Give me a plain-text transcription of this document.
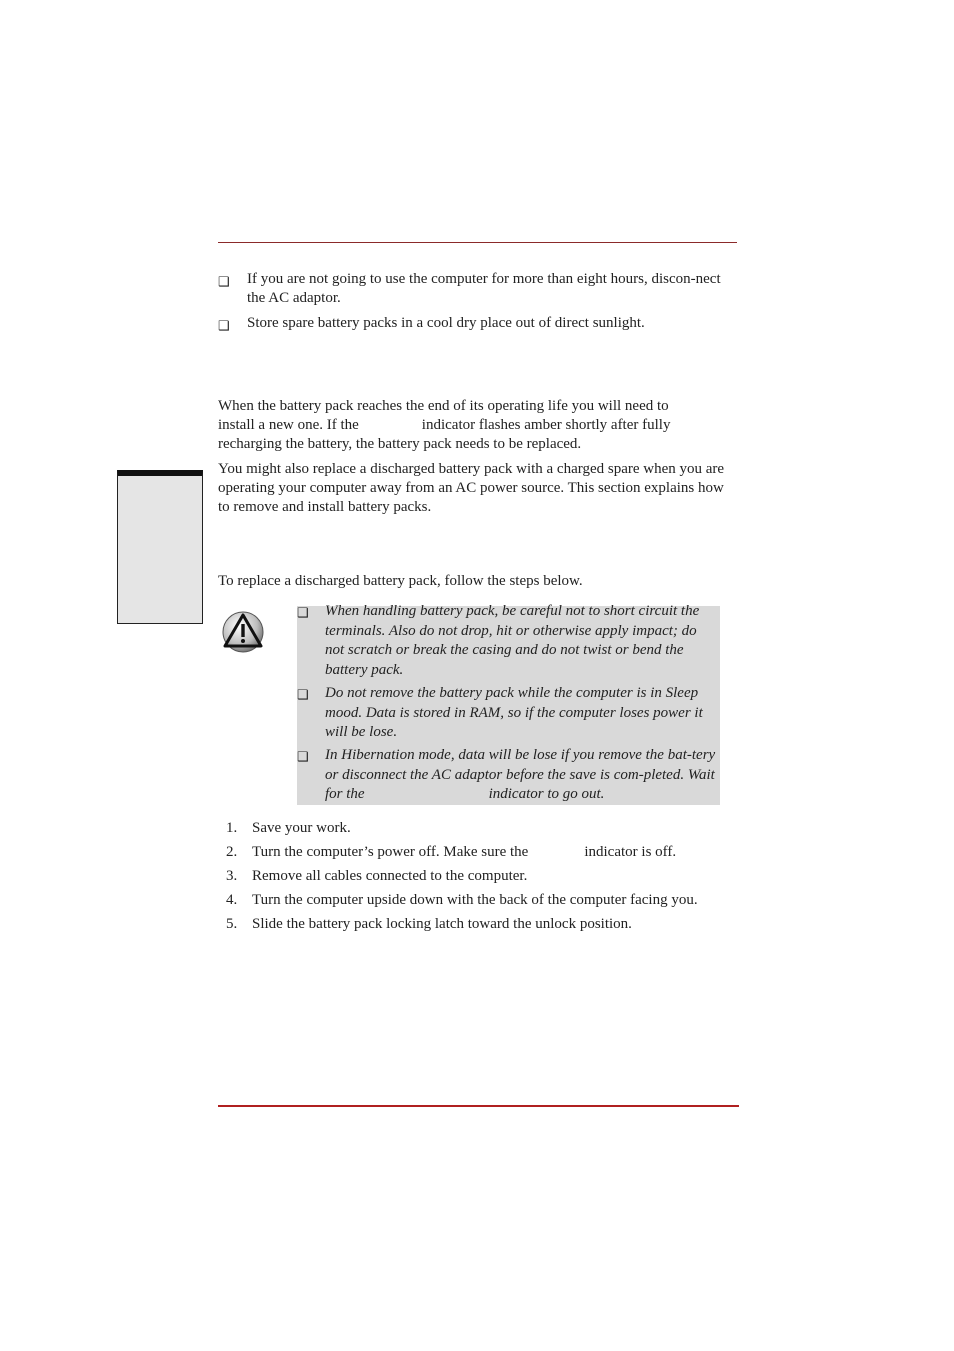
❑ If you are not going to use the computer for more than eight hours, discon-nect the AC adaptor.
❑ Store spare battery packs in a cool dry place out of direct sunlight.
When the battery pack reaches the end of its operating life you will need to
install a new one. If the	indicator flashes amber shortly after fully
recharging the battery, the battery pack needs to be replaced.
You might also replace a discharged battery pack with a charged spare when you are operating your computer away from an AC power source. This section explains how to remove and install battery packs.
To replace a discharged battery pack, follow the steps below.
❑ When handling battery pack, be careful not to short circuit the terminals. Also do not drop, hit or otherwise apply impact; do not scratch or break the casing and do not twist or bend the battery pack.
❑ Do not remove the battery pack while the computer is in Sleep mood. Data is stored in RAM, so if the computer loses power it will be lose.
❑ In Hibernation mode, data will be lose if you remove the bat-tery or disconnect the AC adaptor before the save is com-pleted. Wait for the	indicator to go out.
1. Save your work.
2. Turn the computer’s power off. Make sure the	indicator is off.
3. Remove all cables connected to the computer.
4. Turn the computer upside down with the back of the computer facing you.
5. Slide the battery pack locking latch toward the unlock position.
